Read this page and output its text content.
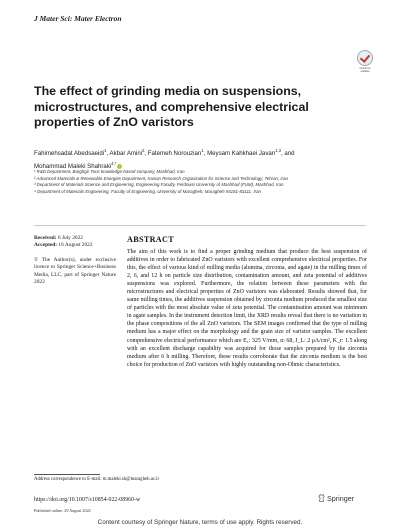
J Mater Sci: Mater Electron
Check for updates
The effect of grinding media on suspensions, microstructures, and comprehensive electrical properties of ZnO varistors
Fahimehsadat Abedsaeidi$^1$, Akbar Amini$^2$, Fatemeh Norouzian$^1$, Meysam Kahkhaei Javan$^{1,3}$, and
Mohammad Maleki Shahraki$^{4,*}$
¹ R&D Department, Barghgir Toos knowledge-based company, Mashhad, Iran
² Advanced Materials & Renewable Energies Department, Iranian Research Organization for Science and Technology, Tehran, Iran
³ Department of Materials Science and Engineering, Engineering Faculty, Ferdowsi University of Mashhad (FUM), Mashhad, Iran
⁴ Department of Materials Engineering, Faculty of Engineering, University of Maragheh, Maragheh 55181-83111, Iran
Received: 6 July 2022
Accepted: 16 August 2022
© The Author(s), under exclusive licence to Springer Science+Business Media, LLC, part of Springer Nature 2022
ABSTRACT
The aim of this work is to find a proper grinding medium that produce the best suspension of additives in order to fabricated ZnO varistors with excellent comprehensive electrical properties. For this, the effect of various kind of milling media (alumina, zirconia, and agate) in the milling times of 2, 6, and 12 h on particle size distribution, contamination amount, and zeta potential of additives suspensions was explored. Furthermore, the relation between these parameters with the microstructures and electrical properties of ZnO varistors was elaborated. Results showed that, for same milling times, the additives suspension obtained by zirconia medium produced the smallest size of particles with the most absolute value of zeta potential. The contamination amount was minimum in agate samples. In the instrument detection limit, the XRD results reveal that there is no variation in the phase compositions of the all ZnO varistors. The SEM images confirmed that the type of milling medium has a major effect on the morphology and the grain size of varistor samples. The excellent comprehensive electrical performance which are E₁: 325 V/mm, α: 68, J_L: 2 μA/cm², K_r: 1.5 along with an excellent discharge capability was acquired for those samples prepared by the zirconia medium after 6 h milling. Therefore, these results corroborate that the zirconia medium is the best choice for production of ZnO varistors with highly outstanding non-Ohmic characteristics.
Address correspondence to E-mail: m.maleki.sh@maragheh.ac.ir
https://doi.org/10.1007/s10854-022-08960-w
Published online: 29 August 2022
Springer
Content courtesy of Springer Nature, terms of use apply. Rights reserved.
